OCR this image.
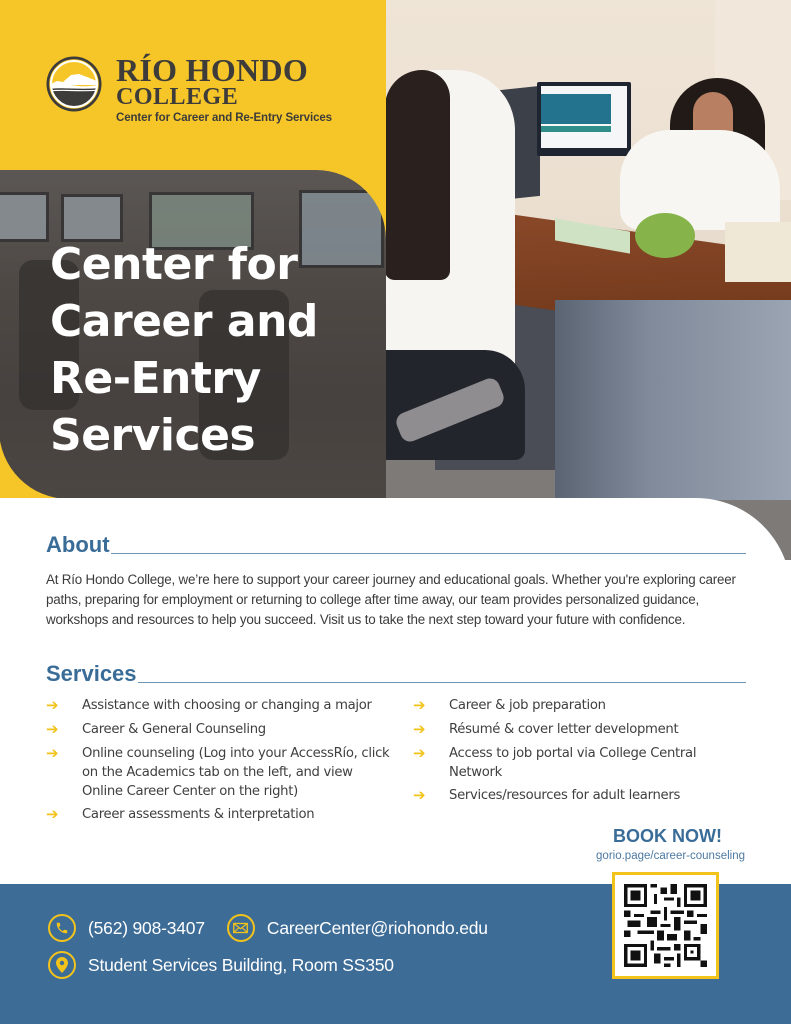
RÍO HONDO
COLLEGE
Center for Career and Re-Entry Services
Center for
Career and
Re-Entry
Services
About

At Río Hondo College, we’re here to support your career journey and educational goals. Whether you're exploring career paths, preparing for employment or returning to college after time away, our team provides personalized guidance, workshops and resources to help you succeed. Visit us to take the next step toward your future with confidence.

Services
➔	Assistance with choosing or changing a major
➔	Career & General Counseling
➔	Online counseling (Log into your AccessRío, click on the Academics tab on the left, and view Online Career Center on the right)
➔	Career assessments & interpretation
➔	Career & job preparation
➔	Résumé & cover letter development
➔	Access to job portal via College Central Network
➔	Services/resources for adult learners
BOOK NOW!
gorio.page/career-counseling
(562) 908-3407	CareerCenter@riohondo.edu
Student Services Building, Room SS350
